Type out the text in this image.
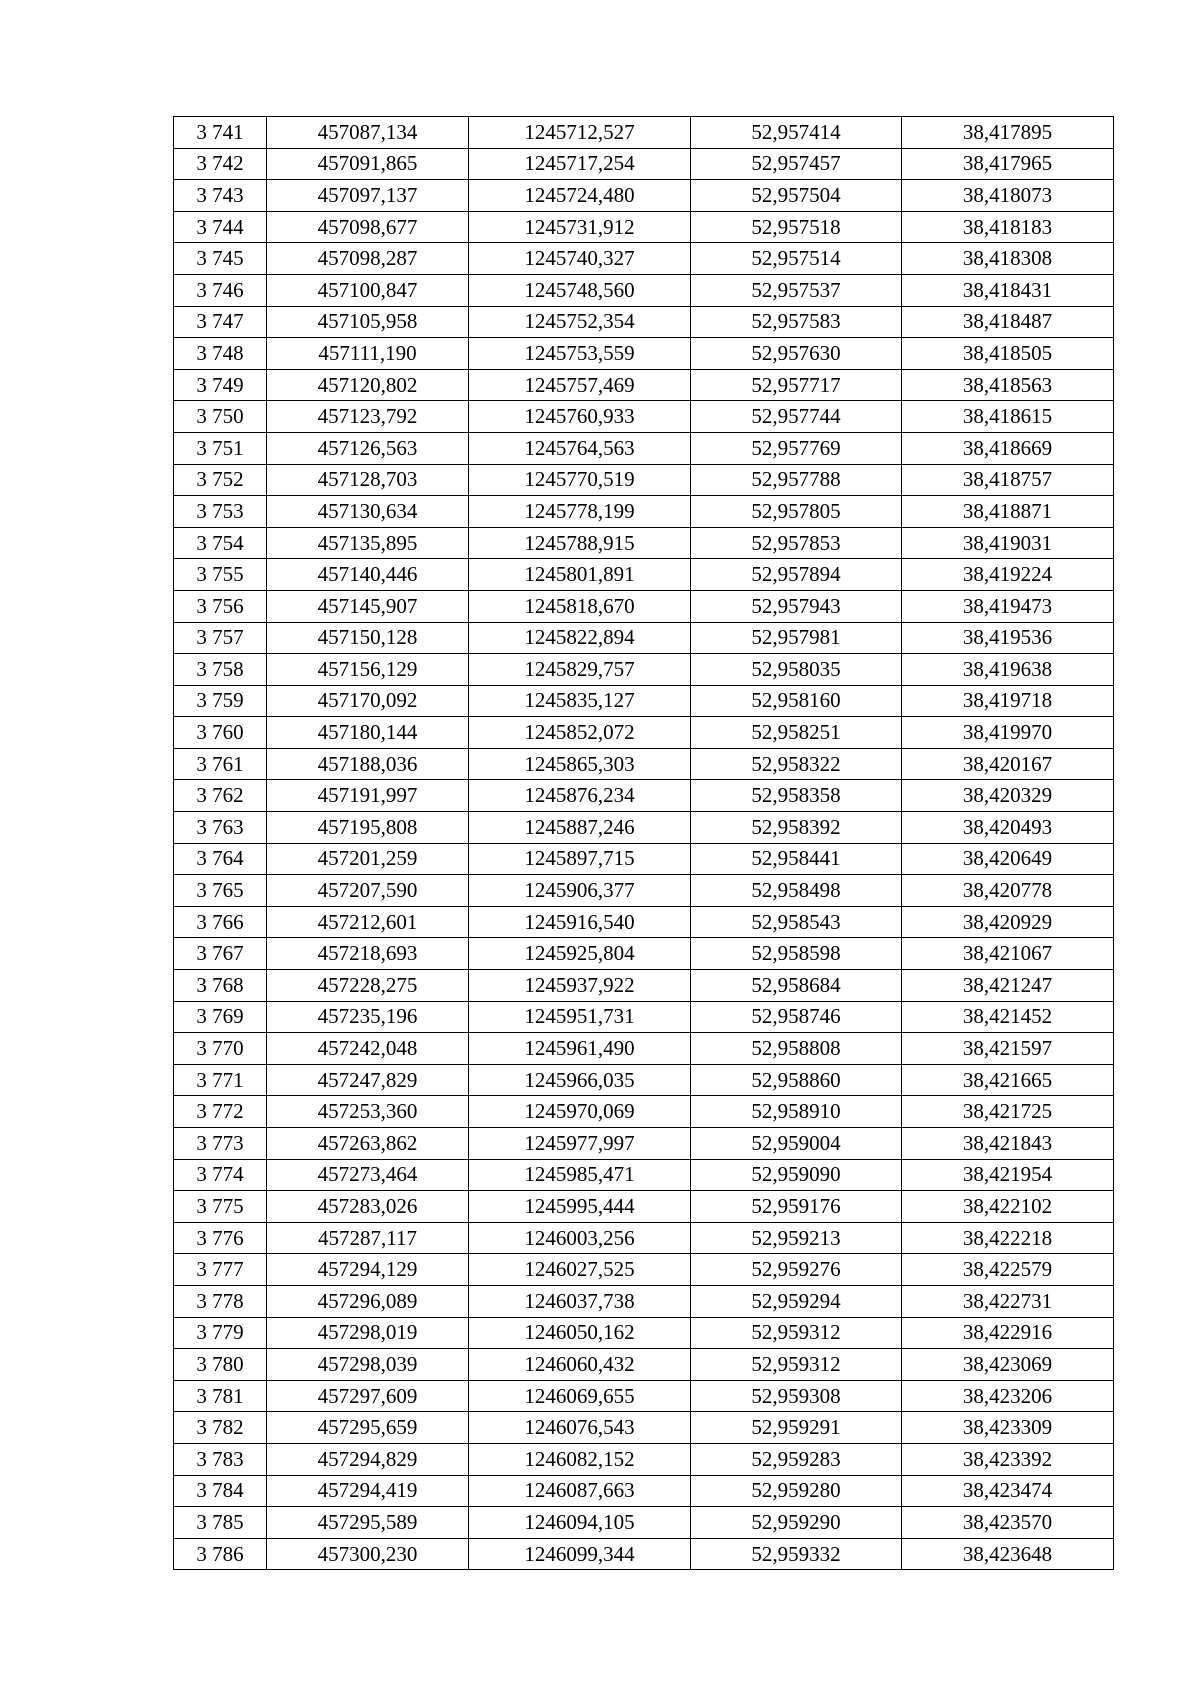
3 741	457087,134	1245712,527	52,957414	38,417895
3 742	457091,865	1245717,254	52,957457	38,417965
3 743	457097,137	1245724,480	52,957504	38,418073
3 744	457098,677	1245731,912	52,957518	38,418183
3 745	457098,287	1245740,327	52,957514	38,418308
3 746	457100,847	1245748,560	52,957537	38,418431
3 747	457105,958	1245752,354	52,957583	38,418487
3 748	457111,190	1245753,559	52,957630	38,418505
3 749	457120,802	1245757,469	52,957717	38,418563
3 750	457123,792	1245760,933	52,957744	38,418615
3 751	457126,563	1245764,563	52,957769	38,418669
3 752	457128,703	1245770,519	52,957788	38,418757
3 753	457130,634	1245778,199	52,957805	38,418871
3 754	457135,895	1245788,915	52,957853	38,419031
3 755	457140,446	1245801,891	52,957894	38,419224
3 756	457145,907	1245818,670	52,957943	38,419473
3 757	457150,128	1245822,894	52,957981	38,419536
3 758	457156,129	1245829,757	52,958035	38,419638
3 759	457170,092	1245835,127	52,958160	38,419718
3 760	457180,144	1245852,072	52,958251	38,419970
3 761	457188,036	1245865,303	52,958322	38,420167
3 762	457191,997	1245876,234	52,958358	38,420329
3 763	457195,808	1245887,246	52,958392	38,420493
3 764	457201,259	1245897,715	52,958441	38,420649
3 765	457207,590	1245906,377	52,958498	38,420778
3 766	457212,601	1245916,540	52,958543	38,420929
3 767	457218,693	1245925,804	52,958598	38,421067
3 768	457228,275	1245937,922	52,958684	38,421247
3 769	457235,196	1245951,731	52,958746	38,421452
3 770	457242,048	1245961,490	52,958808	38,421597
3 771	457247,829	1245966,035	52,958860	38,421665
3 772	457253,360	1245970,069	52,958910	38,421725
3 773	457263,862	1245977,997	52,959004	38,421843
3 774	457273,464	1245985,471	52,959090	38,421954
3 775	457283,026	1245995,444	52,959176	38,422102
3 776	457287,117	1246003,256	52,959213	38,422218
3 777	457294,129	1246027,525	52,959276	38,422579
3 778	457296,089	1246037,738	52,959294	38,422731
3 779	457298,019	1246050,162	52,959312	38,422916
3 780	457298,039	1246060,432	52,959312	38,423069
3 781	457297,609	1246069,655	52,959308	38,423206
3 782	457295,659	1246076,543	52,959291	38,423309
3 783	457294,829	1246082,152	52,959283	38,423392
3 784	457294,419	1246087,663	52,959280	38,423474
3 785	457295,589	1246094,105	52,959290	38,423570
3 786	457300,230	1246099,344	52,959332	38,423648
